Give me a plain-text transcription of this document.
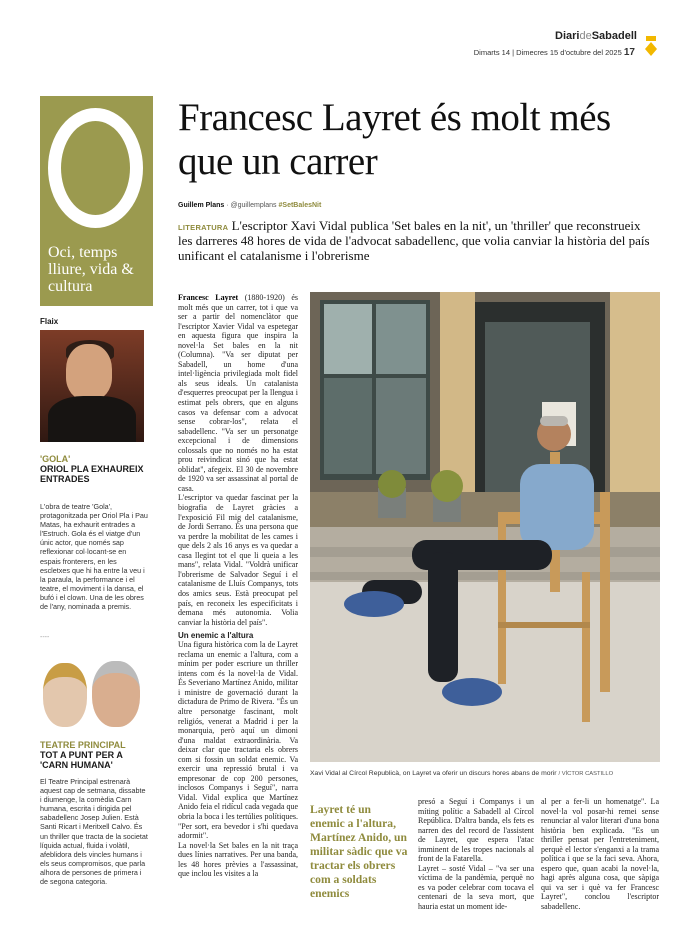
DiarideSabadell
Dimarts 14 | Dimecres 15 d'octubre del 2025 17
Oci, temps lliure, vida & cultura
Flaix
'GOLA'
ORIOL PLA EXHAUREIX ENTRADES
L'obra de teatre 'Gola', protagonitzada per Oriol Pla i Pau Matas, ha exhaurit entrades a l'Estruch. Gola és el viatge d'un únic actor, que només sap reflexionar col·locant-se en espais fronterers, en les escletxes que hi ha entre la veu i la paraula, la performance i el teatre, el moviment i la dansa, el bufó i el clown. Una de les obres de l'any, nominada a premis.
----
TEATRE PRINCIPAL
TOT A PUNT PER A 'CARN HUMANA'
El Teatre Principal estrenarà aquest cap de setmana, dissabte i diumenge, la comèdia Carn humana, escrita i dirigida pel sabadellenc Josep Julien. Està Santi Ricart i Meritxell Calvo. És un thriller que tracta de la societat líquida actual, fluida i volàtil, afeblidora dels vincles humans i els seus compromisos, que parla alhora de persones de primera i de segona categoria.
Francesc Layret és molt més que un carrer
Guillem Plans · @guillemplans #SetBalesNit
LITERATURA L'escriptor Xavi Vidal publica 'Set bales en la nit', un 'thriller' que reconstrueix les darreres 48 hores de vida de l'advocat sabadellenc, que volia canviar la història del país unificant el catalanisme i l'obrerisme

Francesc Layret (1880-1920) és molt més que un carrer, tot i que va ser a partir del nomenclàtor que l'escriptor Xavier Vidal va espetegar en aquesta figura que inspira la novel·la Set bales en la nit (Columna). "Va ser diputat per Sabadell, un home d'una intel·ligència privilegiada molt fidel als seus ideals. Un catalanista d'esquerres preocupat per la llengua i estimat pels obrers, que en alguns casos va defensar com a advocat sense cobrar-los", relata el sabadellenc. "Va ser un personatge excepcional i de dimensions colossals que no només no ha estat prou reivindicat sinó que ha estat oblidat", afegeix. El 30 de novembre de 1920 va ser assassinat al portal de casa.

L'escriptor va quedar fascinat per la biografia de Layret gràcies a l'exposició Fil mig del catalanisme, de Jordi Serrano. És una persona que va perdre la mobilitat de les cames i que dels 2 als 16 anys es va quedar a casa llegint tot el que li queia a les mans", relata Vidal. "Voldrà unificar l'obrerisme de Salvador Seguí i el catalanisme de Lluís Companys, tots dos amics seus. Està preocupat pel país, en reconeix les especificitats i demana més autonomia. Volia canviar la història del país".

Un enemic a l'altura

Una figura històrica com la de Layret reclama un enemic a l'altura, com a mínim per poder escriure un thriller intens com és la novel·la de Vidal. És Severiano Martínez Anido, militar i ministre de governació durant la dictadura de Primo de Rivera. "És un altre personatge fascinant, molt religiós, venerat a Madrid i per la monarquia, però aquí un dimoni d'una maldat extraordinària. Va deixar clar que tractaria els obrers com si fossin un soldat enemic. Va exercir una repressió brutal i va empresonar de cop 200 persones, inclosos Companys i Seguí", narra Vidal. Vidal explica que Martínez Anido feia el ridícul cada vegada que obria la boca i les tertúlies polítiques. "Per sort, era bevedor i s'hi quedava adormit".

La novel·la Set bales en la nit traça dues línies narratives. Per una banda, les 48 hores prèvies a l'assassinat, que inclou les visites a la

Xavi Vidal al Círcol Republicà, on Layret va oferir un discurs hores abans de morir / VÍCTOR CASTILLO
Layret té un enemic a l'altura, Martínez Anido, un militar sàdic que va tractar els obrers com a soldats enemics

presó a Seguí i Companys i un míting polític a Sabadell al Círcol República. D'altra banda, els fets es narren des del record de l'assistent de Layret, que espera l'atac imminent de les tropes nacionals al front de la Fatarella.

Layret – sosté Vidal – "va ser una víctima de la pandèmia, perquè no es va poder celebrar com tocava el centenari de la seva mort, que hauria estat un moment ide-

al per a fer-li un homenatge". La novel·la vol posar-hi remei sense renunciar al valor literari d'una bona història ben explicada. "Es un thriller pensat per l'entreteniment, perquè el lector s'enganxi a la trama política i que se la faci seva. Ahora, espero que, quan acabi la novel·la, hagi après alguna cosa, que sàpiga qui va ser i què va fer Francesc Layret", conclou l'escriptor sabadellenc.
